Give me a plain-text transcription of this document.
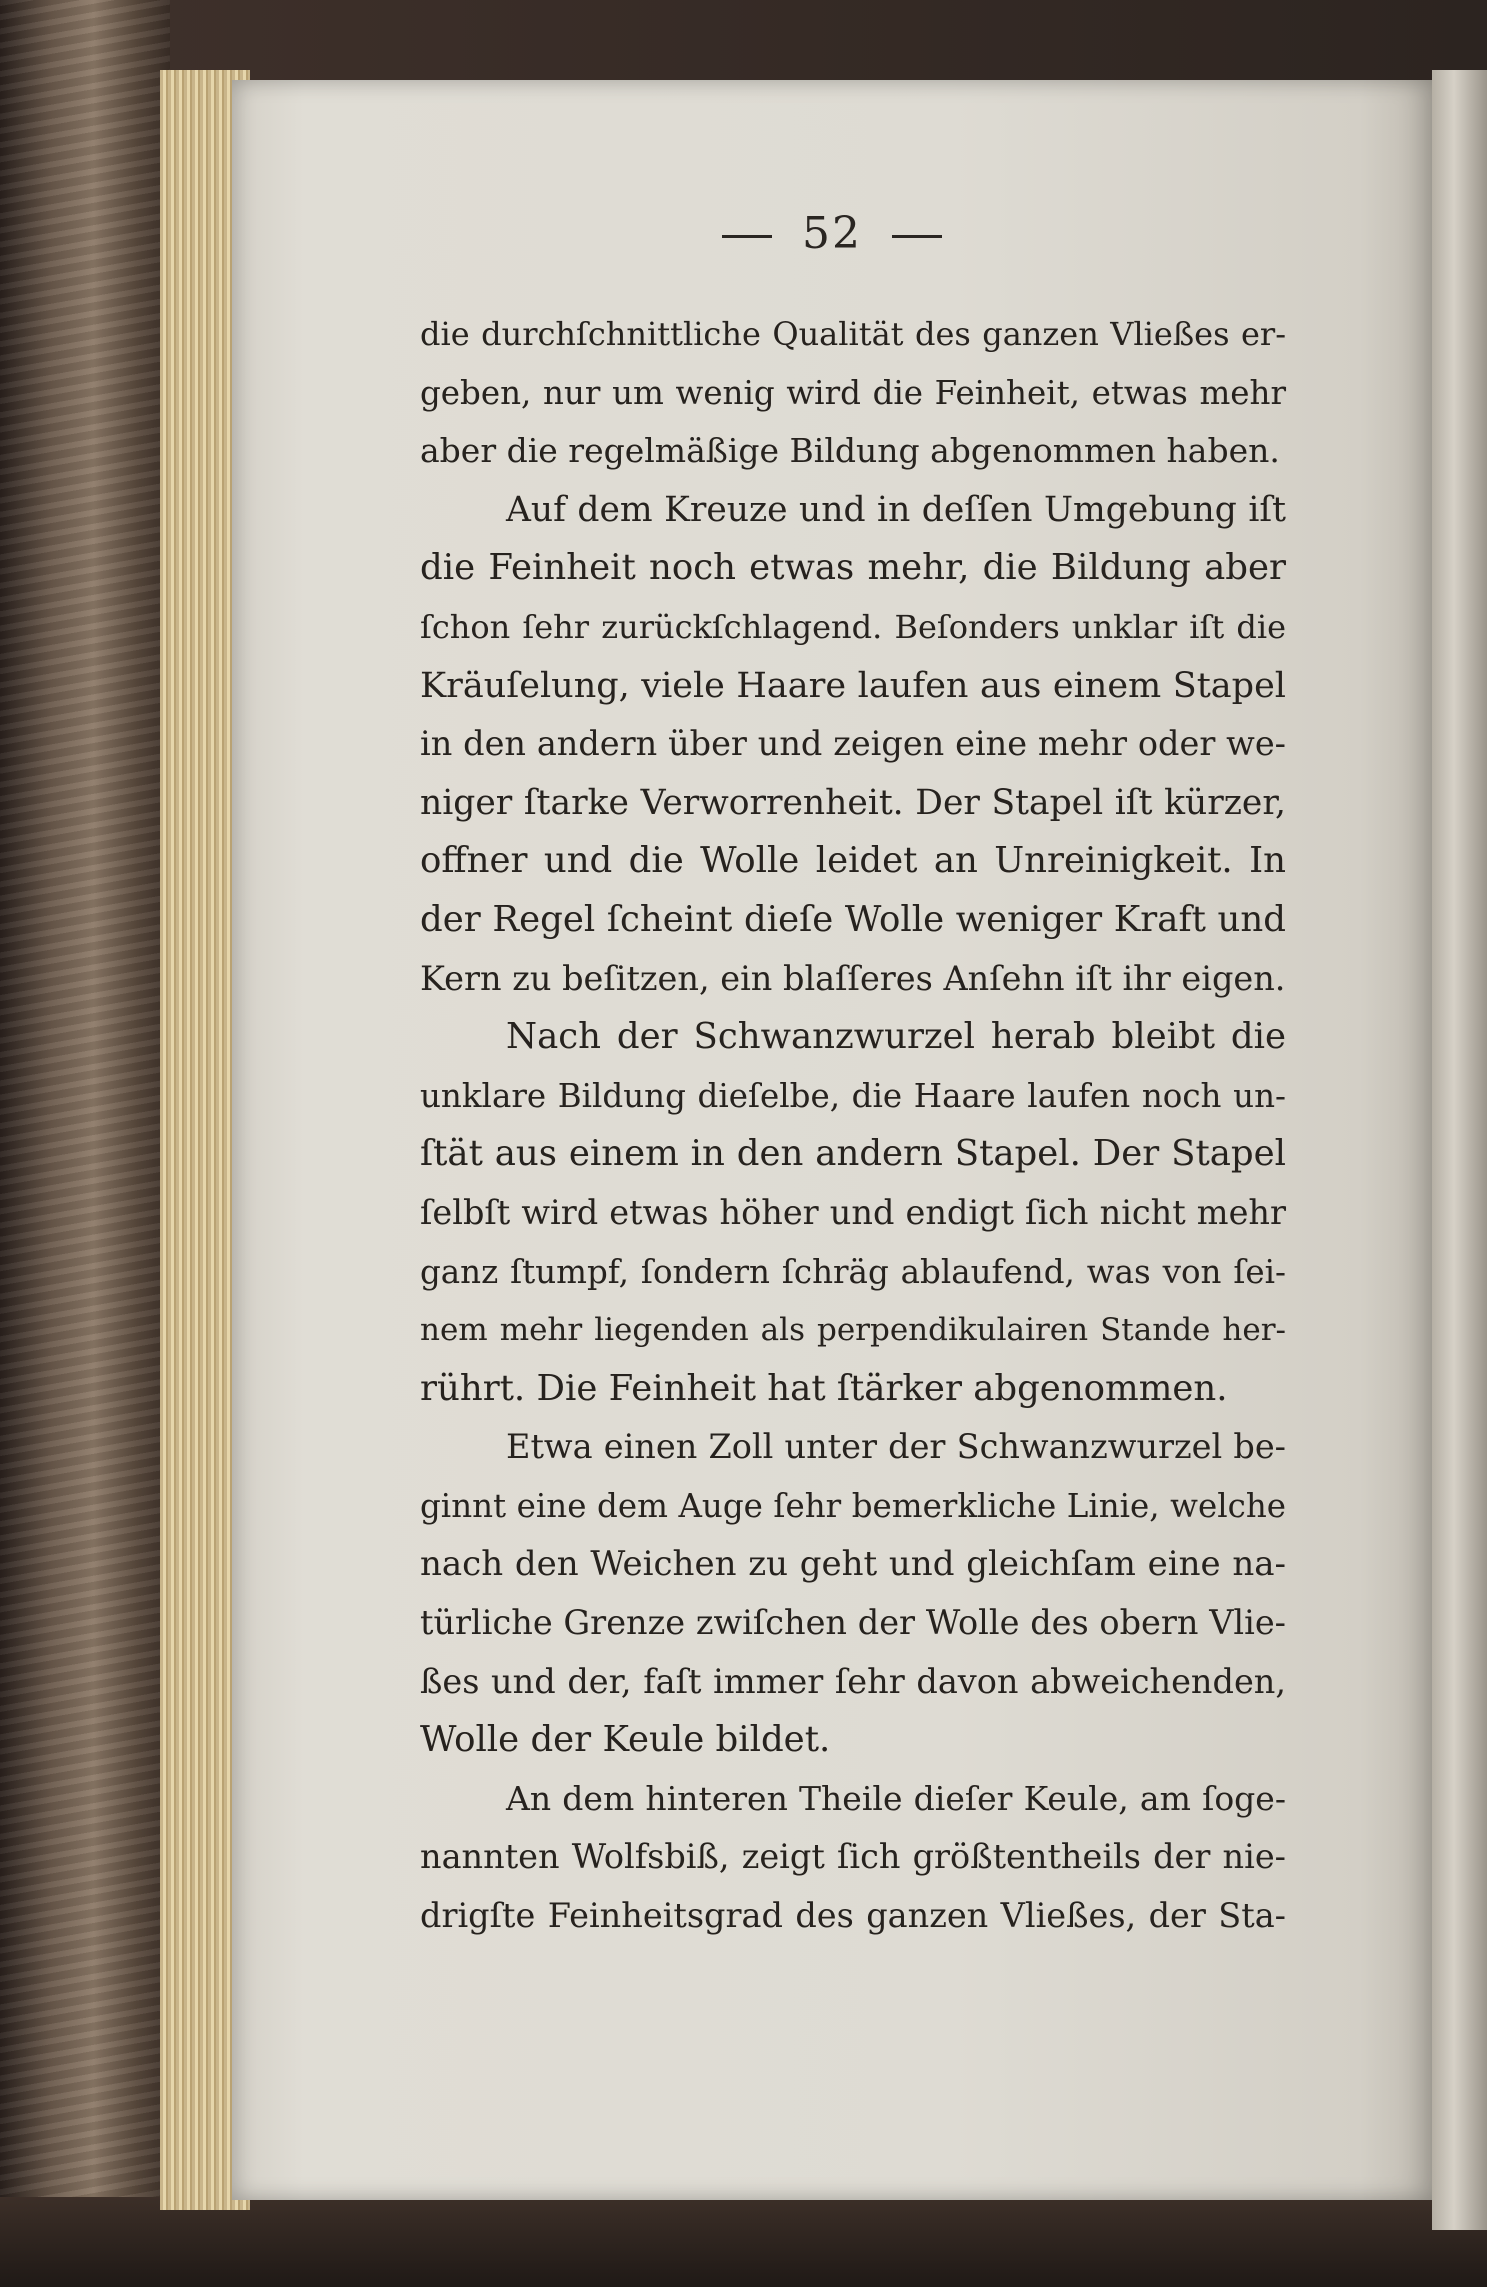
52
die durchſchnittliche Qualität des ganzen Vließes er-
geben, nur um wenig wird die Feinheit, etwas mehr
aber die regelmäßige Bildung abgenommen haben.
Auf dem Kreuze und in deſſen Umgebung iſt
die Feinheit noch etwas mehr, die Bildung aber
ſchon ſehr zurückſchlagend. Beſonders unklar iſt die
Kräuſelung, viele Haare laufen aus einem Stapel
in den andern über und zeigen eine mehr oder we-
niger ſtarke Verworrenheit. Der Stapel iſt kürzer,
offner und die Wolle leidet an Unreinigkeit. In
der Regel ſcheint dieſe Wolle weniger Kraft und
Kern zu beſitzen, ein blaſſeres Anſehn iſt ihr eigen.
Nach der Schwanzwurzel herab bleibt die
unklare Bildung dieſelbe, die Haare laufen noch un-
ſtät aus einem in den andern Stapel. Der Stapel
ſelbſt wird etwas höher und endigt ſich nicht mehr
ganz ſtumpf, ſondern ſchräg ablaufend, was von ſei-
nem mehr liegenden als perpendikulairen Stande her-
rührt. Die Feinheit hat ſtärker abgenommen.
Etwa einen Zoll unter der Schwanzwurzel be-
ginnt eine dem Auge ſehr bemerkliche Linie, welche
nach den Weichen zu geht und gleichſam eine na-
türliche Grenze zwiſchen der Wolle des obern Vlie-
ßes und der, faſt immer ſehr davon abweichenden,
Wolle der Keule bildet.
An dem hinteren Theile dieſer Keule, am ſoge-
nannten Wolfsbiß, zeigt ſich größtentheils der nie-
drigſte Feinheitsgrad des ganzen Vließes, der Sta-
